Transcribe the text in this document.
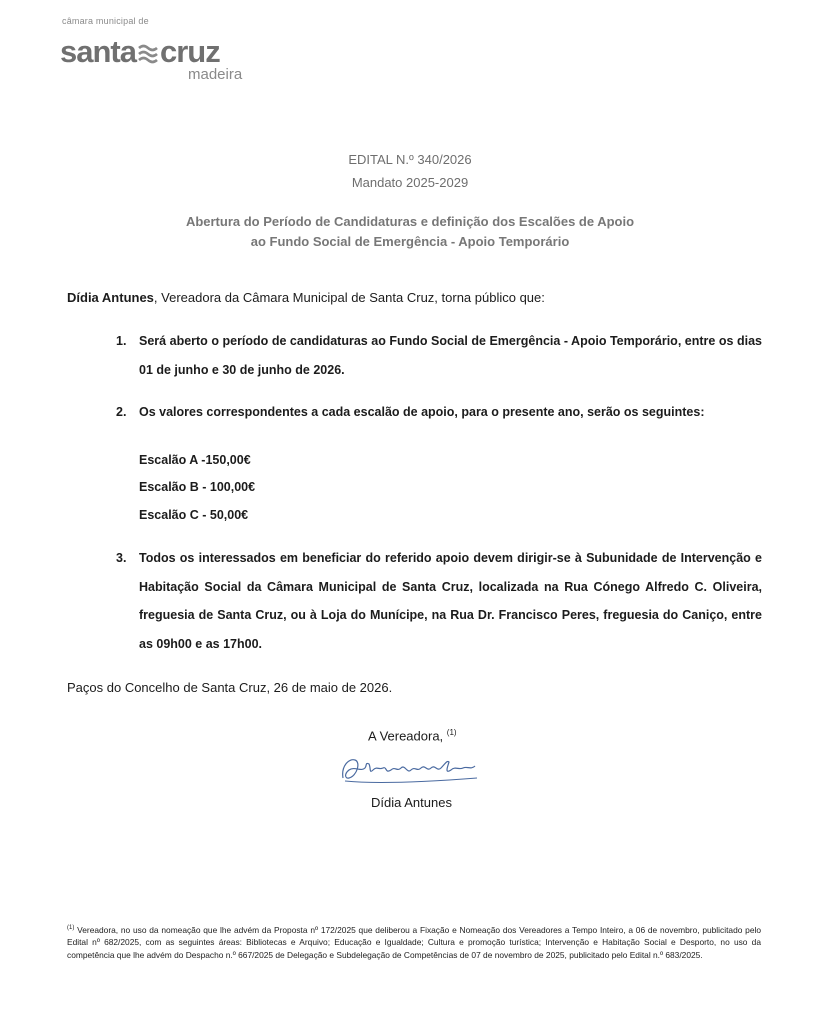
câmara municipal de
santa cruz
madeira
EDITAL N.º 340/2026
Mandato 2025-2029
Abertura do Período de Candidaturas e definição dos Escalões de Apoio
ao Fundo Social de Emergência - Apoio Temporário
Dídia Antunes, Vereadora da Câmara Municipal de Santa Cruz, torna público que:
1. Será aberto o período de candidaturas ao Fundo Social de Emergência - Apoio Temporário, entre os dias 01 de junho e 30 de junho de 2026.
2. Os valores correspondentes a cada escalão de apoio, para o presente ano, serão os seguintes:
Escalão A -150,00€
Escalão B - 100,00€
Escalão C - 50,00€
3. Todos os interessados em beneficiar do referido apoio devem dirigir-se à Subunidade de Intervenção e Habitação Social da Câmara Municipal de Santa Cruz, localizada na Rua Cónego Alfredo C. Oliveira, freguesia de Santa Cruz, ou à Loja do Munícipe, na Rua Dr. Francisco Peres, freguesia do Caniço, entre as 09h00 e as 17h00.
Paços do Concelho de Santa Cruz, 26 de maio de 2026.
A Vereadora, $^{(1)}$
Dídia Antunes
$^{(1)}$ Vereadora, no uso da nomeação que lhe advém da Proposta nº 172/2025 que deliberou a Fixação e Nomeação dos Vereadores a Tempo Inteiro, a 06 de novembro, publicitado pelo Edital nº 682/2025, com as seguintes áreas: Bibliotecas e Arquivo; Educação e Igualdade; Cultura e promoção turística; Intervenção e Habitação Social e Desporto, no uso da competência que lhe advém do Despacho n.º 667/2025 de Delegação e Subdelegação de Competências de 07 de novembro de 2025, publicitado pelo Edital n.º 683/2025.
